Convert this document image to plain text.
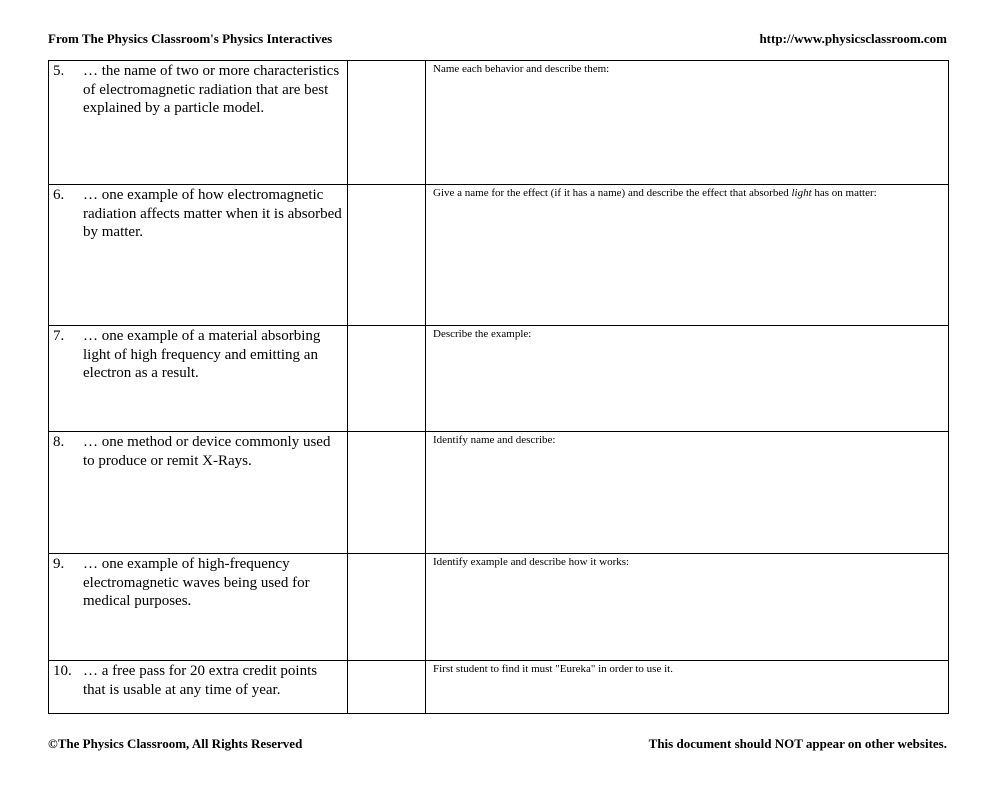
From The Physics Classroom's Physics Interactives	http://www.physicsclassroom.com
5. … the name of two or more characteristics of electromagnetic radiation that are best explained by a particle model.		Name each behavior and describe them:

6. … one example of how electromagnetic radiation affects matter when it is absorbed by matter.		Give a name for the effect (if it has a name) and describe the effect that absorbed light has on matter:

7. … one example of a material absorbing light of high frequency and emitting an electron as a result.		Describe the example:

8. … one method or device commonly used to produce or remit X-Rays.		Identify name and describe:

9. … one example of high-frequency electromagnetic waves being used for medical purposes.		Identify example and describe how it works:

10. … a free pass for 20 extra credit points that is usable at any time of year.		First student to find it must "Eureka" in order to use it.
©The Physics Classroom, All Rights Reserved	This document should NOT appear on other websites.
